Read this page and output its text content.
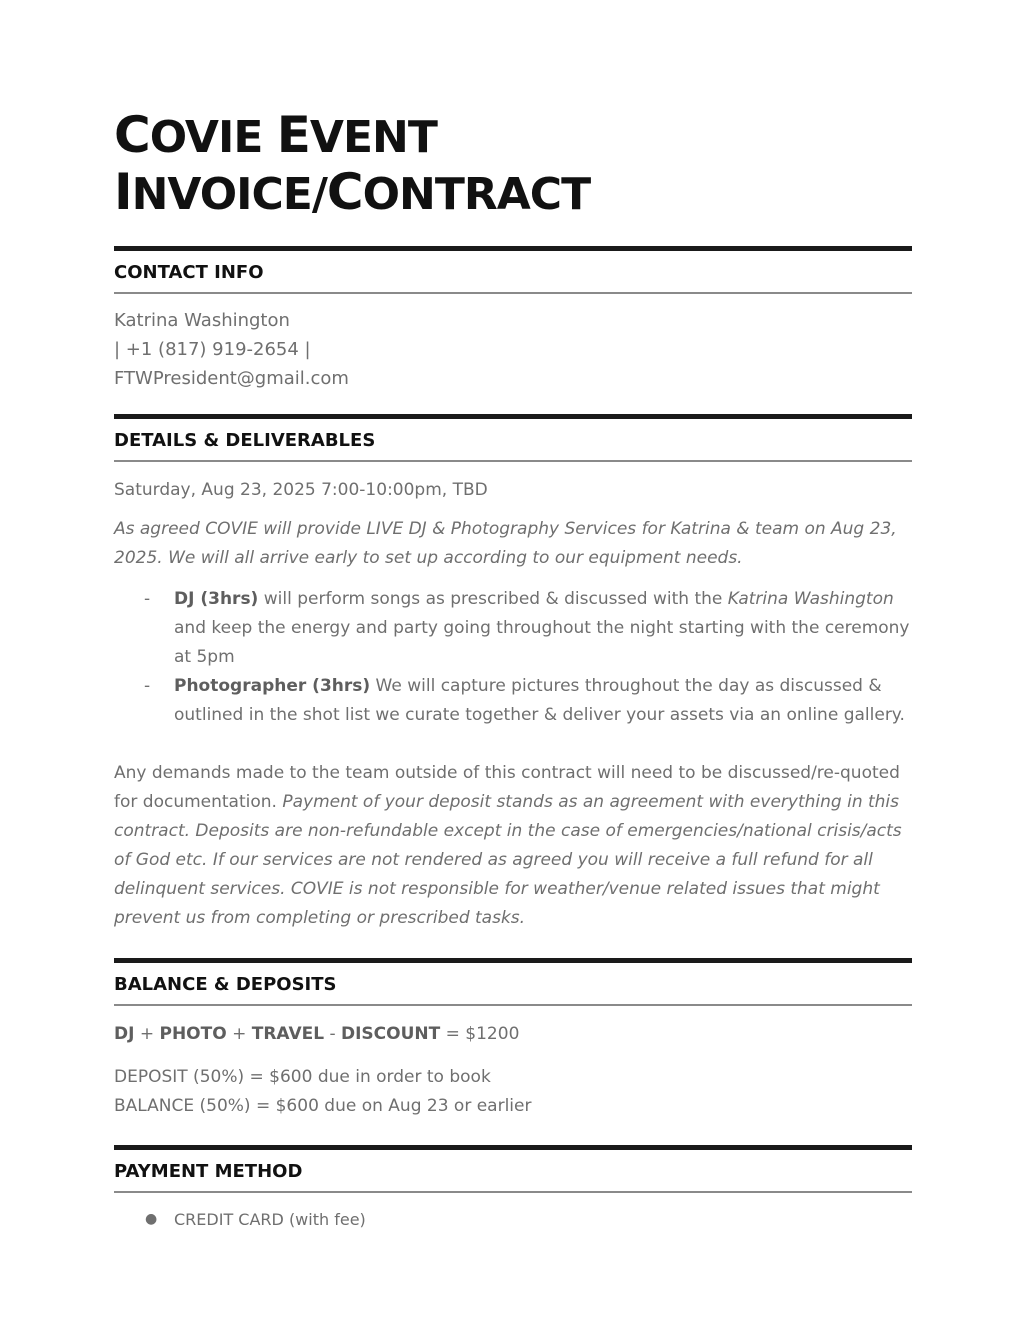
COVIE EVENT
INVOICE/CONTRACT
CONTACT INFO
Katrina Washington
| +1 (817) 919-2654 |
FTWPresident@gmail.com
DETAILS & DELIVERABLES
Saturday, Aug 23, 2025 7:00-10:00pm, TBD
As agreed COVIE will provide LIVE DJ & Photography Services for Katrina & team on Aug 23, 2025. We will all arrive early to set up according to our equipment needs.
- DJ (3hrs) will perform songs as prescribed & discussed with the Katrina Washington and keep the energy and party going throughout the night starting with the ceremony at 5pm
- Photographer (3hrs) We will capture pictures throughout the day as discussed & outlined in the shot list we curate together & deliver your assets via an online gallery.
Any demands made to the team outside of this contract will need to be discussed/re-quoted for documentation. Payment of your deposit stands as an agreement with everything in this contract. Deposits are non-refundable except in the case of emergencies/national crisis/acts of God etc. If our services are not rendered as agreed you will receive a full refund for all delinquent services. COVIE is not responsible for weather/venue related issues that might prevent us from completing or prescribed tasks.
BALANCE & DEPOSITS
DJ + PHOTO + TRAVEL - DISCOUNT = $1200
DEPOSIT (50%) = $600 due in order to book
BALANCE (50%) = $600 due on Aug 23 or earlier
PAYMENT METHOD
● CREDIT CARD (with fee)
